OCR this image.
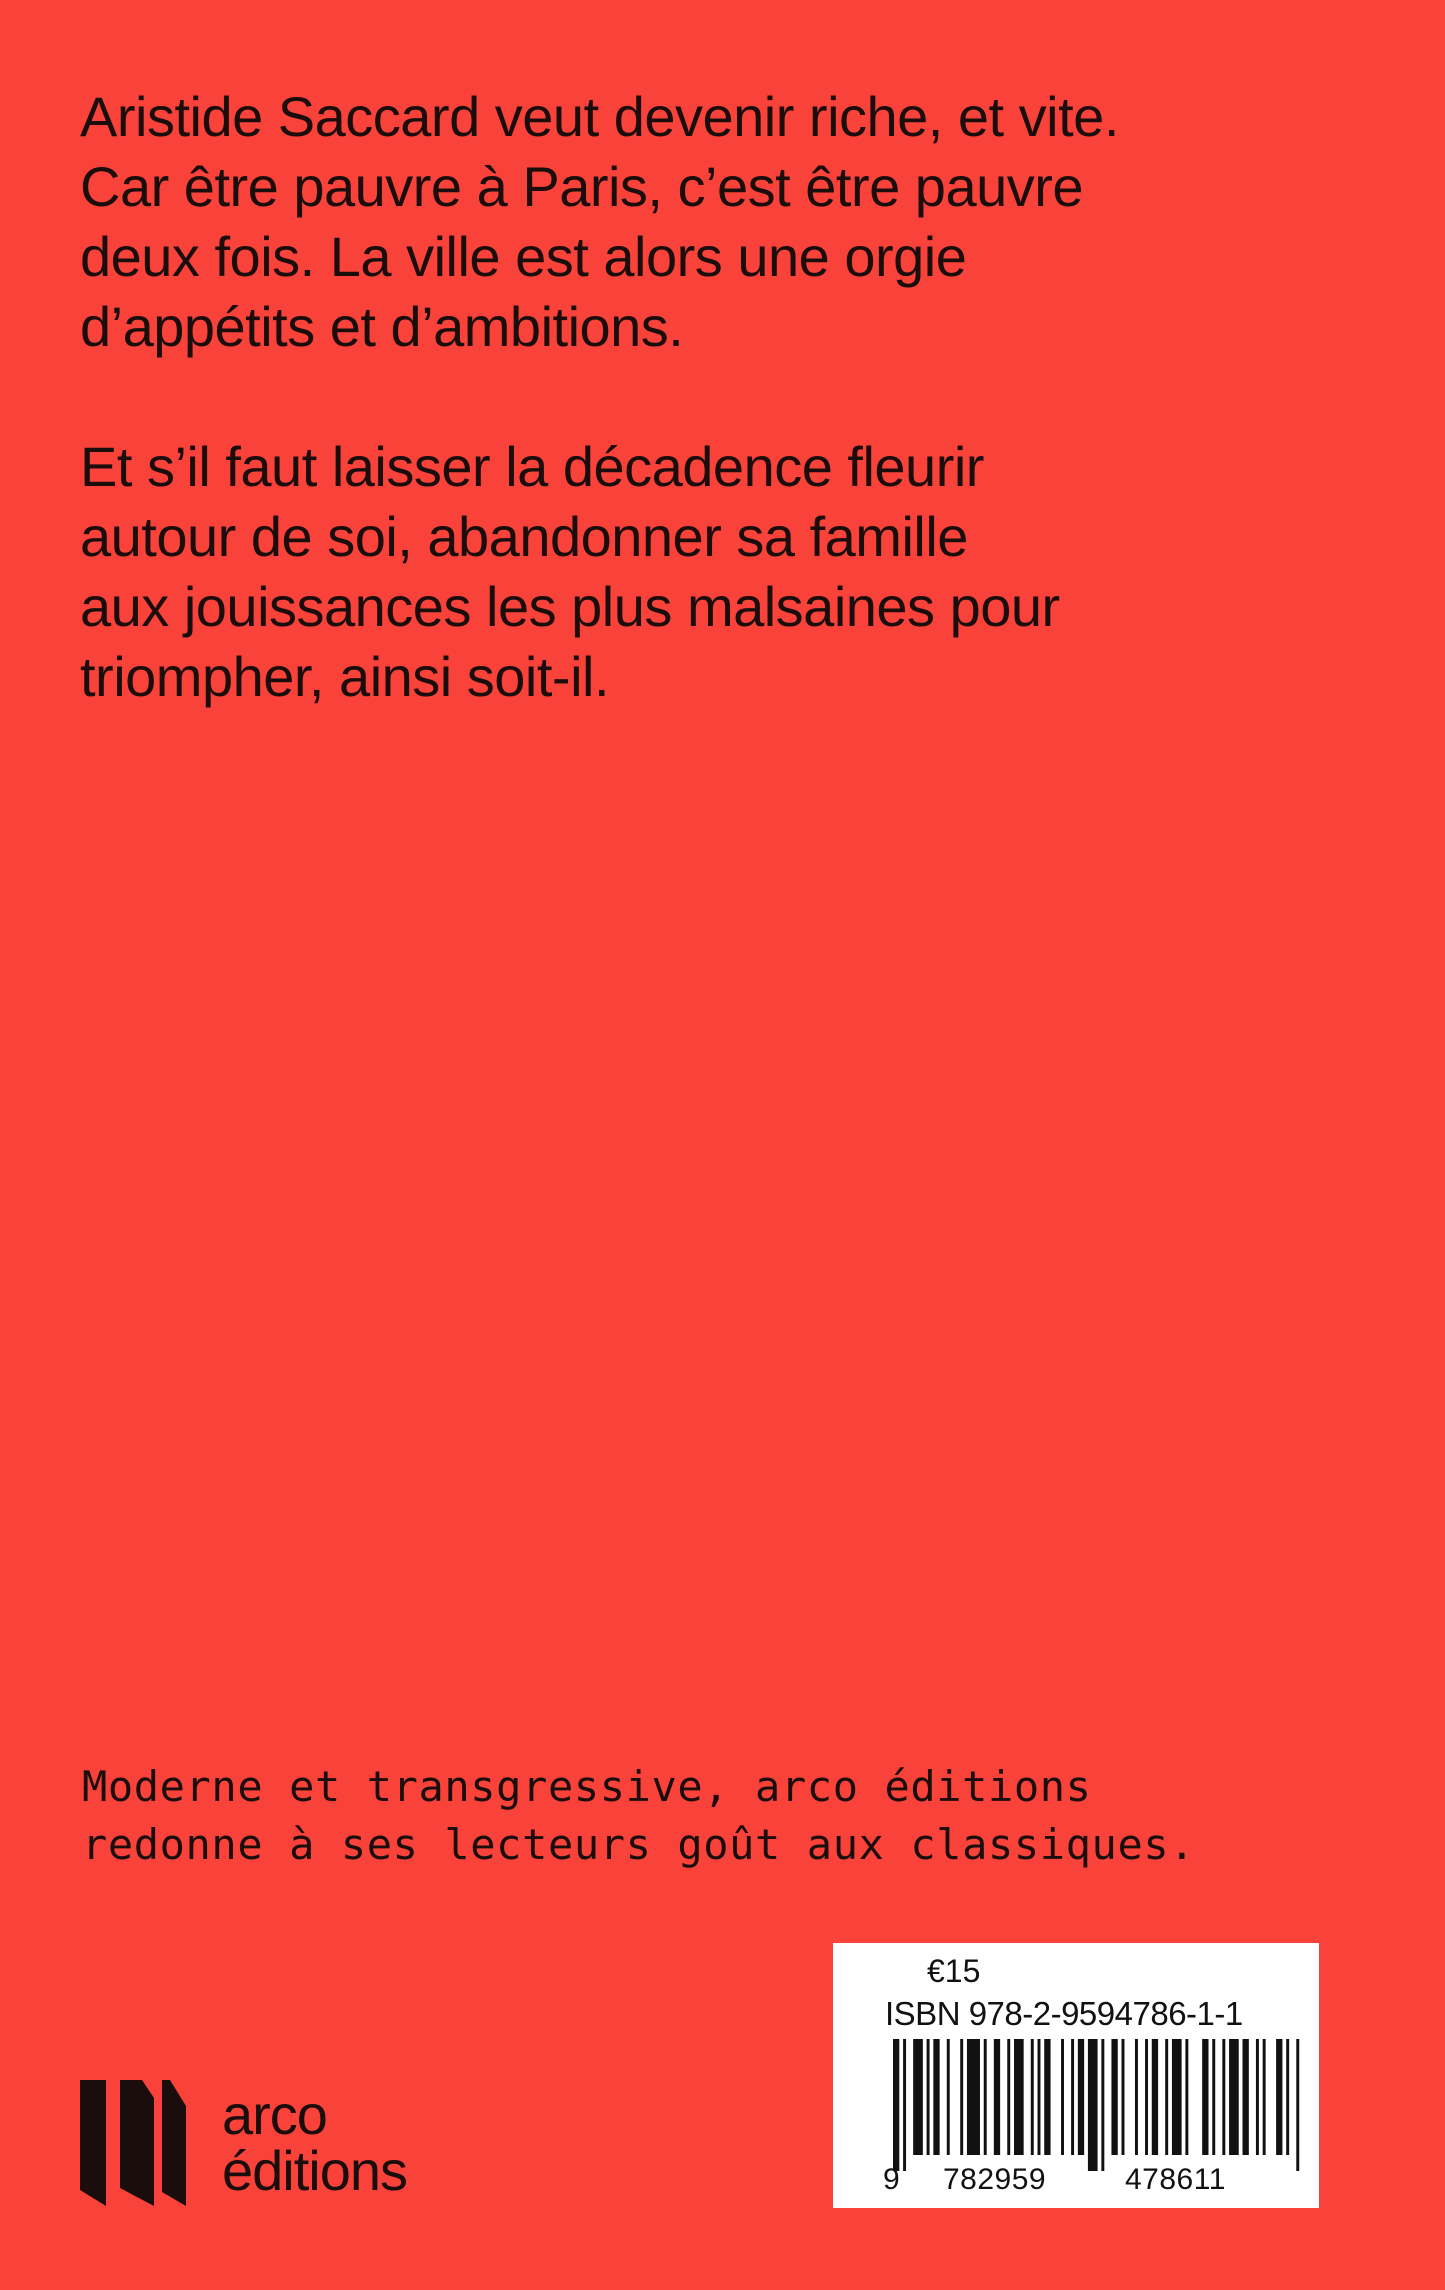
Aristide Saccard veut devenir riche, et vite.
Car être pauvre à Paris, c’est être pauvre
deux fois. La ville est alors une orgie
d’appétits et d’ambitions.

Et s’il faut laisser la décadence fleurir
autour de soi, abandonner sa famille
aux jouissances les plus malsaines pour
triompher, ainsi soit-il.

Moderne et transgressive, arco éditions
redonne à ses lecteurs goût aux classiques.
arco
éditions
€15
ISBN 978-2-9594786-1-1
9 782959	478611
